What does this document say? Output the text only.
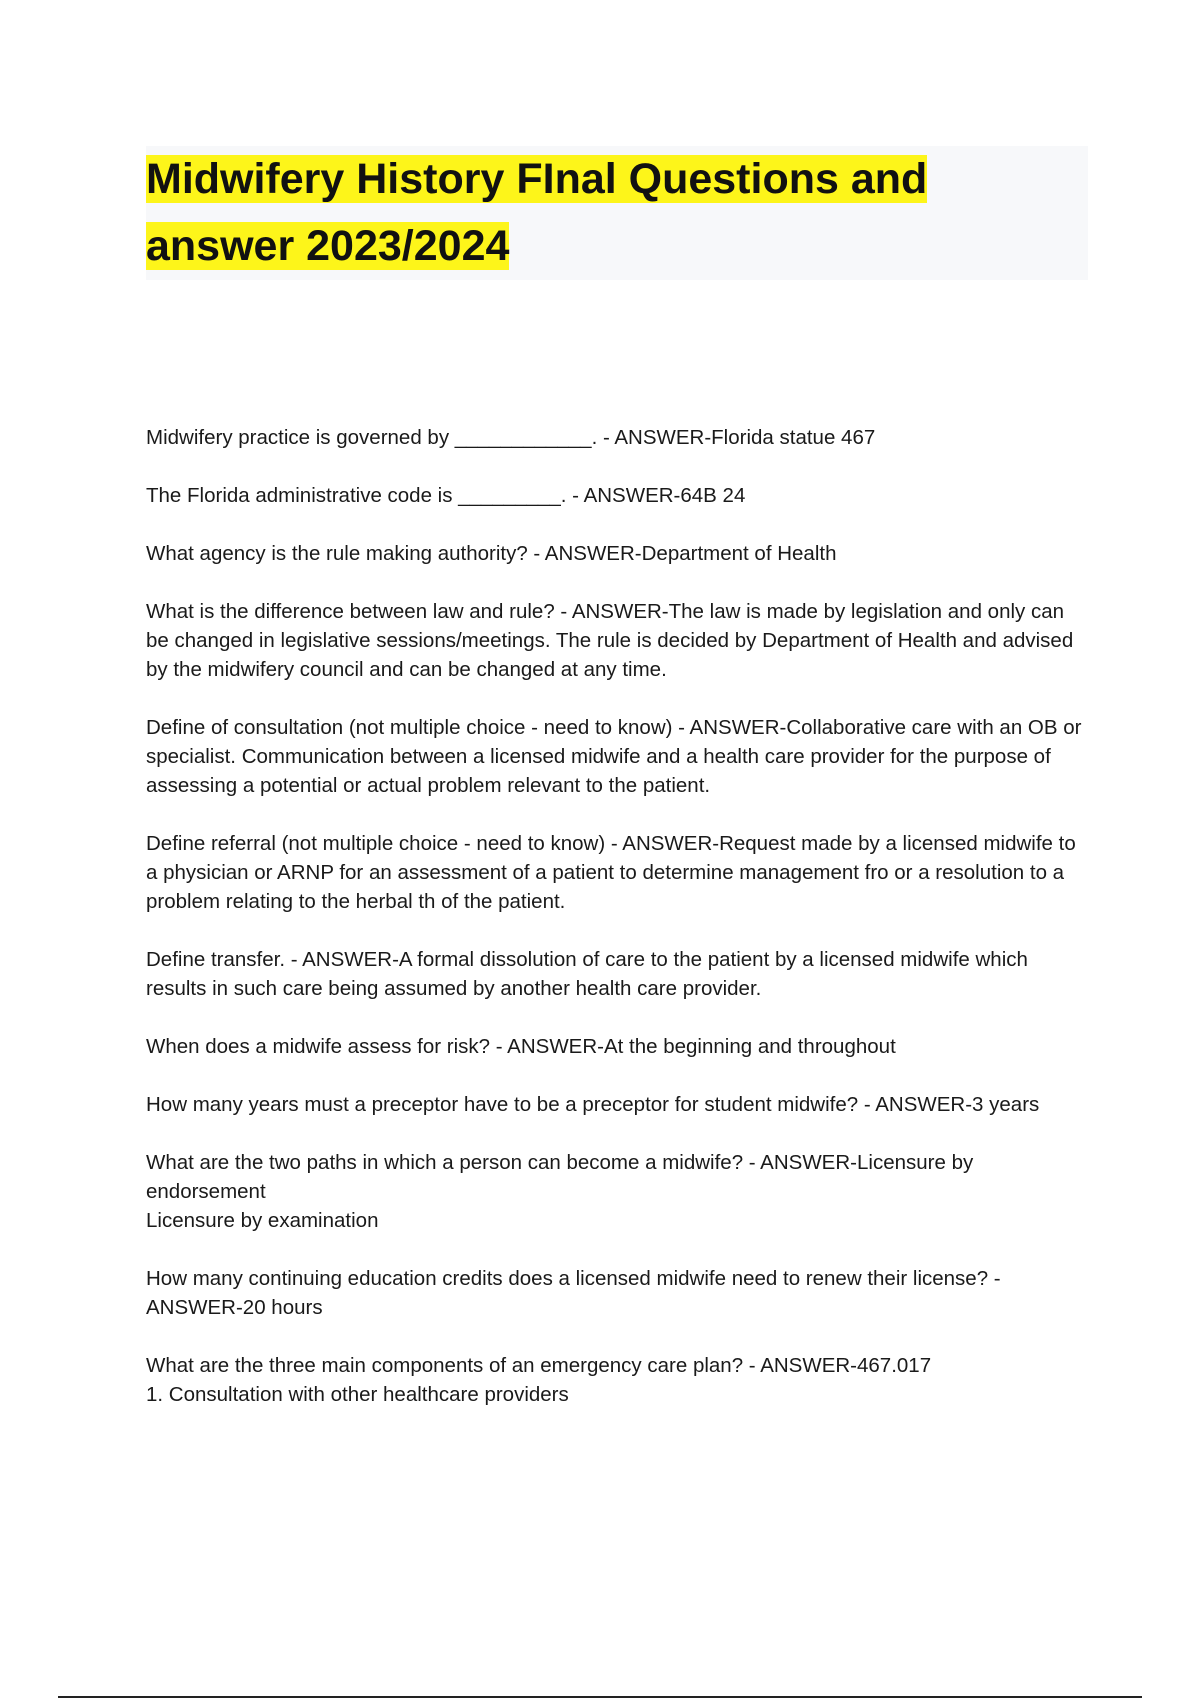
Midwifery History FInal Questions and
answer 2023/2024

Midwifery practice is governed by ____________. - ANSWER-Florida statue 467

The Florida administrative code is _________. - ANSWER-64B 24

What agency is the rule making authority? - ANSWER-Department of Health

What is the difference between law and rule? - ANSWER-The law is made by legislation and only can be changed in legislative sessions/meetings. The rule is decided by Department of Health and advised by the midwifery council and can be changed at any time.

Define of consultation (not multiple choice - need to know) - ANSWER-Collaborative care with an OB or specialist. Communication between a licensed midwife and a health care provider for the purpose of assessing a potential or actual problem relevant to the patient.

Define referral (not multiple choice - need to know) - ANSWER-Request made by a licensed midwife to a physician or ARNP for an assessment of a patient to determine management fro or a resolution to a problem relating to the herbal th of the patient.

Define transfer. - ANSWER-A formal dissolution of care to the patient by a licensed midwife which results in such care being assumed by another health care provider.

When does a midwife assess for risk? - ANSWER-At the beginning and throughout

How many years must a preceptor have to be a preceptor for student midwife? - ANSWER-3 years

What are the two paths in which a person can become a midwife? - ANSWER-Licensure by endorsement
Licensure by examination

How many continuing education credits does a licensed midwife need to renew their license? - ANSWER-20 hours

What are the three main components of an emergency care plan? - ANSWER-467.017
1. Consultation with other healthcare providers
